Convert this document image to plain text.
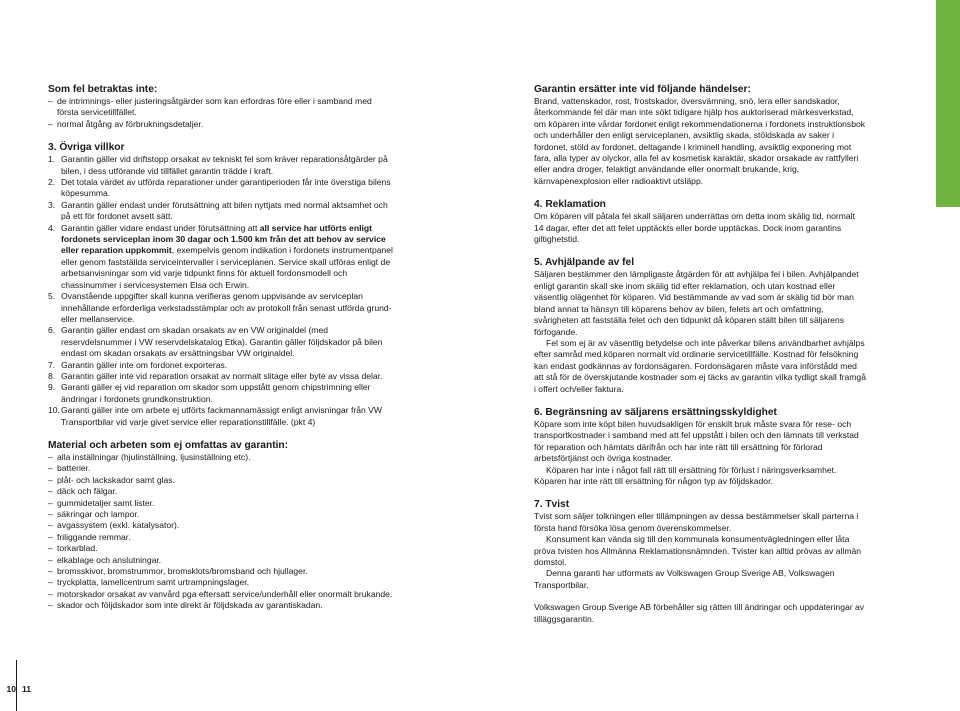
Som fel betraktas inte:

– de intrimnings- eller justeringsåtgärder som kan erfordras före eller i samband med första servicetillfället.
– normal åtgång av förbrukningsdetaljer.

3. Övriga villkor

1. Garantin gäller vid driftstopp orsakat av tekniskt fel som kräver reparationsåtgärder på bilen, i dess utförande vid tillfället garantin trädde i kraft.
2. Det totala värdet av utförda reparationer under garantiperioden får inte överstiga bilens köpesumma.
3. Garantin gäller endast under förutsättning att bilen nyttjats med normal aktsamhet och på ett för fordonet avsett sätt.
4. Garantin gäller vidare endast under förutsättning att all service har utförts enligt fordonets serviceplan inom 30 dagar och 1.500 km från det att behov av service eller reparation uppkommit, exempelvis genom indikation i fordonets instrumentpanel eller genom fastställda serviceintervaller i serviceplanen. Service skall utföras enligt de arbetsanvisningar som vid varje tidpunkt finns för aktuell fordonsmodell och chassinummer i servicesystemen Elsa och Erwin.
5. Ovanstående uppgifter skall kunna verifieras genom uppvisande av serviceplan innehållande erforderliga verkstadsstämplar och av protokoll från senast utförda grund- eller mellanservice.
6. Garantin gäller endast om skadan orsakats av en VW originaldel (med reservdelsnummer i VW reservdelskatalog Etka). Garantin gäller följdskador på bilen endast om skadan orsakats av ersättningsbar VW originaldel.
7. Garantin gäller inte om fordonet exporteras.
8. Garantin gäller inte vid reparation orsakat av normalt slitage eller byte av vissa delar.
9. Garanti gäller ej vid reparation om skador som uppstått genom chipstrimning eller ändringar i fordonets grundkonstruktion.
10. Garanti gäller inte om arbete ej utförts fackmannamässigt enligt anvisningar från VW Transportbilar vid varje givet service eller reparationstillfälle. (pkt 4)

Material och arbeten som ej omfattas av garantin:

– alla inställningar (hjulinställning, ljusinställning etc).
– batterier.
– plåt- och lackskador samt glas.
– däck och fälgar.
– gummidetaljer samt lister.
– säkringar och lampor.
– avgassystem (exkl. katalysator).
– friliggande remmar.
– torkarblad.
– elkablage och anslutningar.
– bromsskivor, bromstrummor, bromsklots/bromsband och hjullager.
– tryckplatta, lamellcentrum samt urtrampningslager.
– motorskador orsakat av vanvård pga eftersatt service/underhåll eller onormalt brukande.
– skador och följdskador som inte direkt är följdskada av garantiskadan.

Garantin ersätter inte vid följande händelser:

Brand, vattenskador, rost, frostskador, översvämning, snö, lera eller sandskador, återkommande fel där man inte sökt tidigare hjälp hos auktoriserad märkesverkstad, om köparen inte vårdar fordonet enligt rekommendationerna i fordonets instruktionsbok och underhåller den enligt serviceplanen, avsiktlig skada, stöldskada av saker i fordonet, stöld av fordonet, deltagande i kriminell handling, avsiktlig exponering mot fara, alla typer av olyckor, alla fel av kosmetisk karaktär, skador orsakade av rattfylleri eller andra droger, felaktigt användande eller onormalt brukande, krig, kärnvapenexplosion eller radioaktivt utsläpp.

4. Reklamation

Om köparen vill påtala fel skall säljaren underrättas om detta inom skälig tid, normalt 14 dagar, efter det att felet upptäckts eller borde upptäckas. Dock inom garantins giltighetstid.

5. Avhjälpande av fel

Säljaren bestämmer den lämpligaste åtgärden för att avhjälpa fel i bilen. Avhjälpandet enligt garantin skall ske inom skälig tid efter reklamation, och utan kostnad eller väsentlig olägenhet för köparen. Vid bestämmande av vad som är skälig tid bör man bland annat ta hänsyn till köparens behov av bilen, felets art och omfattning, svårigheten att fastställa felet och den tidpunkt då köparen ställt bilen till säljarens förfogande.

Fel som ej är av väsentlig betydelse och inte påverkar bilens användbarhet avhjälps efter samråd med köparen normalt vid ordinarie servicetillfälle. Kostnad för felsökning kan endast godkännas av fordonsägaren. Fordonsägaren måste vara införstådd med att stå för de överskjutande kostnader som ej täcks av garantin vilka tydligt skall framgå i offert och/eller faktura.

6. Begränsning av säljarens ersättningsskyldighet

Köpare som inte köpt bilen huvudsakligen för enskilt bruk måste svara för rese- och transportkostnader i samband med att fel uppstått i bilen och den lämnats till verkstad för reparation och hämtats därifrån och har inte rätt till ersättning för förlorad arbetsförtjänst och övriga kostnader.

Köparen har inte i något fall rätt till ersättning för förlust i näringsverksamhet. Köparen har inte rätt till ersättning för någon typ av följdskador.

7. Tvist

Tvist som säljer tolkningen eller tillämpningen av dessa bestämmelser skall parterna i första hand försöka lösa genom överenskommelser.

Konsument kan vända sig till den kommunala konsumentvägledningen eller låta pröva tvisten hos Allmänna Reklamationsnämnden. Tvister kan alltid prövas av allmän domstol.

Denna garanti har utformats av Volkswagen Group Sverige AB, Volkswagen Transportbilar.

Volkswagen Group Sverige AB förbehåller sig rätten till ändringar och uppdateringar av tilläggsgarantin.

10 11
